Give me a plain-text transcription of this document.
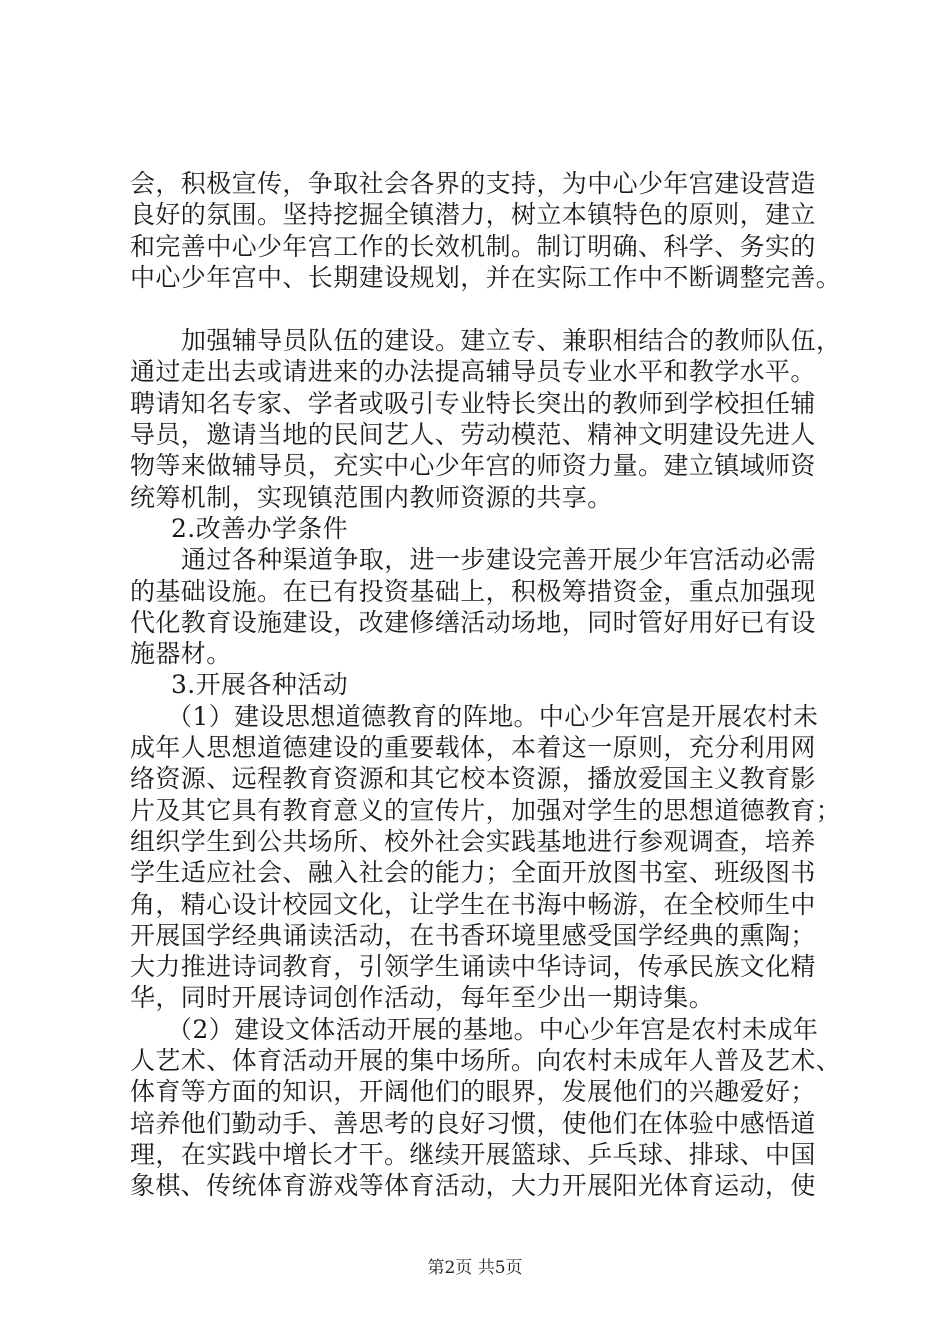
会，积极宣传，争取社会各界的支持，为中心少年宫建设营造
良好的氛围。坚持挖掘全镇潜力，树立本镇特色的原则，建立
和完善中心少年宫工作的长效机制。制订明确、科学、务实的
中心少年宫中、长期建设规划，并在实际工作中不断调整完善。
加强辅导员队伍的建设。建立专、兼职相结合的教师队伍，
通过走出去或请进来的办法提高辅导员专业水平和教学水平。
聘请知名专家、学者或吸引专业特长突出的教师到学校担任辅
导员，邀请当地的民间艺人、劳动模范、精神文明建设先进人
物等来做辅导员，充实中心少年宫的师资力量。建立镇域师资
统筹机制，实现镇范围内教师资源的共享。
2.改善办学条件
通过各种渠道争取，进一步建设完善开展少年宫活动必需
的基础设施。在已有投资基础上，积极筹措资金，重点加强现
代化教育设施建设，改建修缮活动场地，同时管好用好已有设
施器材。
3.开展各种活动
（1）建设思想道德教育的阵地。中心少年宫是开展农村未
成年人思想道德建设的重要载体，本着这一原则，充分利用网
络资源、远程教育资源和其它校本资源，播放爱国主义教育影
片及其它具有教育意义的宣传片，加强对学生的思想道德教育；
组织学生到公共场所、校外社会实践基地进行参观调查，培养
学生适应社会、融入社会的能力；全面开放图书室、班级图书
角，精心设计校园文化，让学生在书海中畅游，在全校师生中
开展国学经典诵读活动，在书香环境里感受国学经典的熏陶；
大力推进诗词教育，引领学生诵读中华诗词，传承民族文化精
华，同时开展诗词创作活动，每年至少出一期诗集。
（2）建设文体活动开展的基地。中心少年宫是农村未成年
人艺术、体育活动开展的集中场所。向农村未成年人普及艺术、
体育等方面的知识，开阔他们的眼界，发展他们的兴趣爱好；
培养他们勤动手、善思考的良好习惯，使他们在体验中感悟道
理，在实践中增长才干。继续开展篮球、乒乓球、排球、中国
象棋、传统体育游戏等体育活动，大力开展阳光体育运动，使
第2页 共5页
